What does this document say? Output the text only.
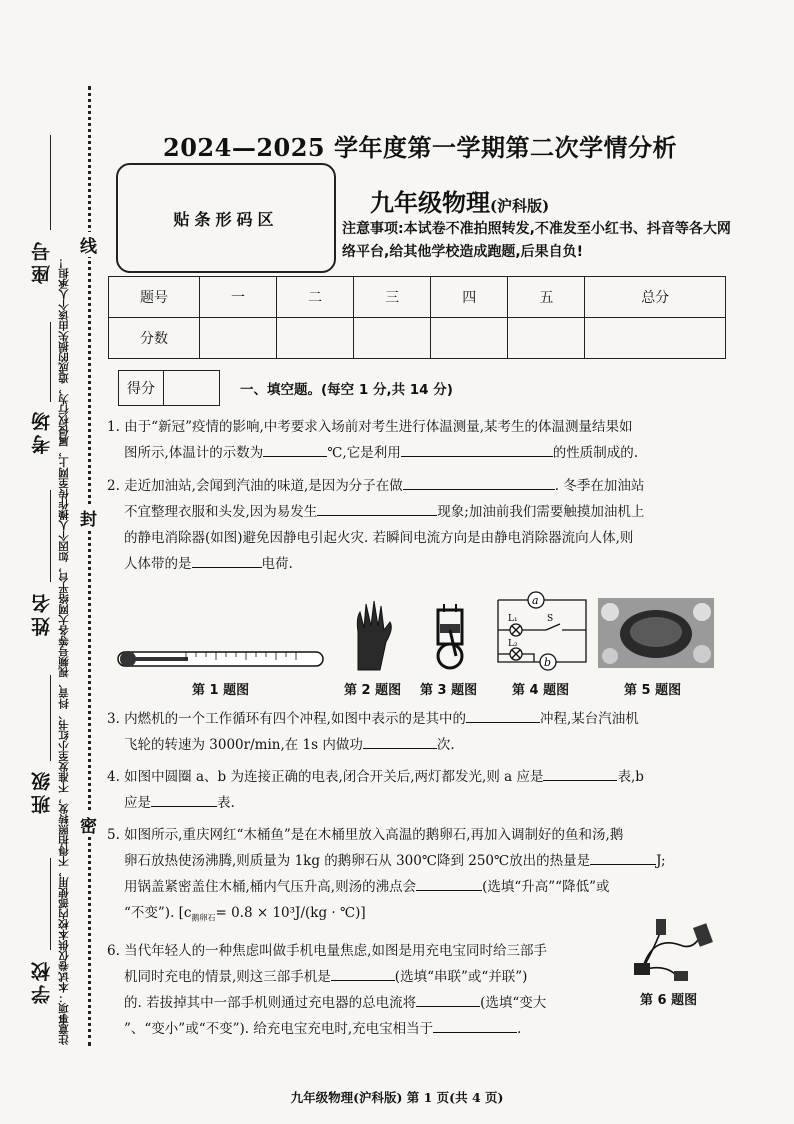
座号
考场
姓名
班级
学校 注意事项：本试卷仅供本校内部使用，不得拍照转发，不准发至小红书、抖音、视频号等各大网络平台，如因个人操作传至网上，属侵权行为，造成的损失由该个人承担！
线
封
密
2024—2025 学年度第一学期第二次学情分析
贴条形码区
九年级物理(沪科版)
注意事项:本试卷不准拍照转发,不准发至小红书、抖音等各大网络平台,给其他学校造成跑题,后果自负!
题号	一	二	三	四	五	总分
分数						
得分	一、填空题。(每空 1 分,共 14 分)
1. 由于“新冠”疫情的影响,中考要求入场前对考生进行体温测量,某考生的体温测量结果如
图所示,体温计的示数为	℃,它是利用	的性质制成的.
2. 走近加油站,会闻到汽油的味道,是因为分子在做	. 冬季在加油站
不宜整理衣服和头发,因为易发生	现象;加油前我们需要触摸加油机上
的静电消除器(如图)避免因静电引起火灾. 若瞬间电流方向是由静电消除器流向人体,则
人体带的是	电荷.
a
b
L₁
L₂
S
第 1 题图	第 2 题图 第 3 题图	第 4 题图	第 5 题图
3. 内燃机的一个工作循环有四个冲程,如图中表示的是其中的	冲程,某台汽油机
飞轮的转速为 3000r/min,在 1s 内做功	次.
4. 如图中圆圈 a、b 为连接正确的电表,闭合开关后,两灯都发光,则 a 应是	表,b
应是	表.
5. 如图所示,重庆网红“木桶鱼”是在木桶里放入高温的鹅卵石,再加入调制好的鱼和汤,鹅
卵石放热使汤沸腾,则质量为 1kg 的鹅卵石从 300℃降到 250℃放出的热量是	J;
用锅盖紧密盖住木桶,桶内气压升高,则汤的沸点会	(选填“升高”“降低”或
“不变”). [$c_{鹅卵石}= 0.8 \times 10^3J/(kg$ · ℃)]
6. 当代年轻人的一种焦虑叫做手机电量焦虑,如图是用充电宝同时给三部手
机同时充电的情景,则这三部手机是	(选填“串联”或“并联”)
的. 若拔掉其中一部手机则通过充电器的总电流将	(选填“变大
”、“变小”或“不变”). 给充电宝充电时,充电宝相当于	.
第 6 题图
九年级物理(沪科版) 第 1 页(共 4 页)
